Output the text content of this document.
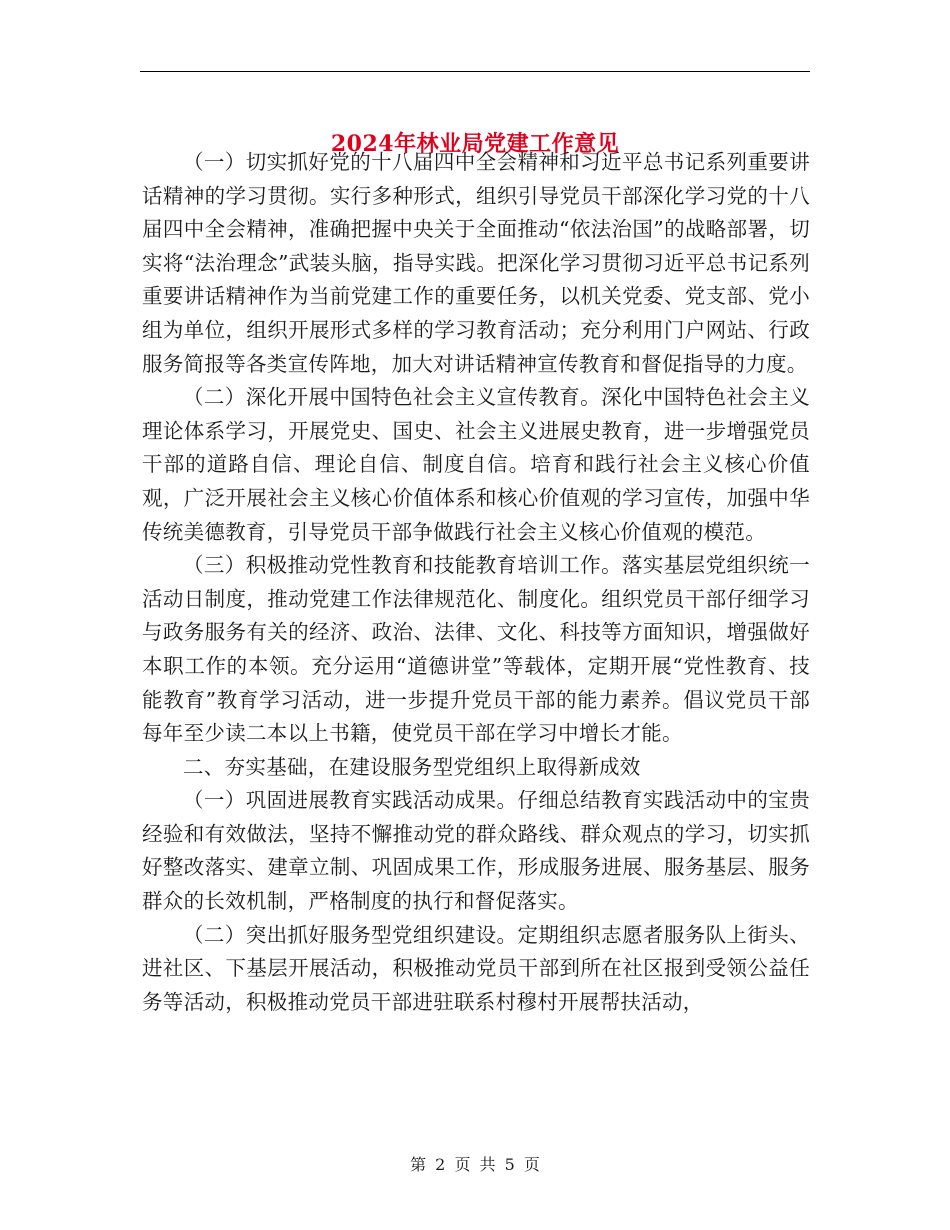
2024年林业局党建工作意见

（一）切实抓好党的十八届四中全会精神和习近平总书记系列重要讲话精神的学习贯彻。实行多种形式，组织引导党员干部深化学习党的十八届四中全会精神，准确把握中央关于全面推动“依法治国”的战略部署，切实将“法治理念”武装头脑，指导实践。把深化学习贯彻习近平总书记系列重要讲话精神作为当前党建工作的重要任务，以机关党委、党支部、党小组为单位，组织开展形式多样的学习教育活动；充分利用门户网站、行政服务简报等各类宣传阵地，加大对讲话精神宣传教育和督促指导的力度。

（二）深化开展中国特色社会主义宣传教育。深化中国特色社会主义理论体系学习，开展党史、国史、社会主义进展史教育，进一步增强党员干部的道路自信、理论自信、制度自信。培育和践行社会主义核心价值观，广泛开展社会主义核心价值体系和核心价值观的学习宣传，加强中华传统美德教育，引导党员干部争做践行社会主义核心价值观的模范。

（三）积极推动党性教育和技能教育培训工作。落实基层党组织统一活动日制度，推动党建工作法律规范化、制度化。组织党员干部仔细学习与政务服务有关的经济、政治、法律、文化、科技等方面知识，增强做好本职工作的本领。充分运用“道德讲堂”等载体，定期开展“党性教育、技能教育”教育学习活动，进一步提升党员干部的能力素养。倡议党员干部每年至少读二本以上书籍，使党员干部在学习中增长才能。

二、夯实基础，在建设服务型党组织上取得新成效

（一）巩固进展教育实践活动成果。仔细总结教育实践活动中的宝贵经验和有效做法，坚持不懈推动党的群众路线、群众观点的学习，切实抓好整改落实、建章立制、巩固成果工作，形成服务进展、服务基层、服务群众的长效机制，严格制度的执行和督促落实。

（二）突出抓好服务型党组织建设。定期组织志愿者服务队上街头、进社区、下基层开展活动，积极推动党员干部到所在社区报到受领公益任务等活动，积极推动党员干部进驻联系村穆村开展帮扶活动，

第 2 页 共 5 页
